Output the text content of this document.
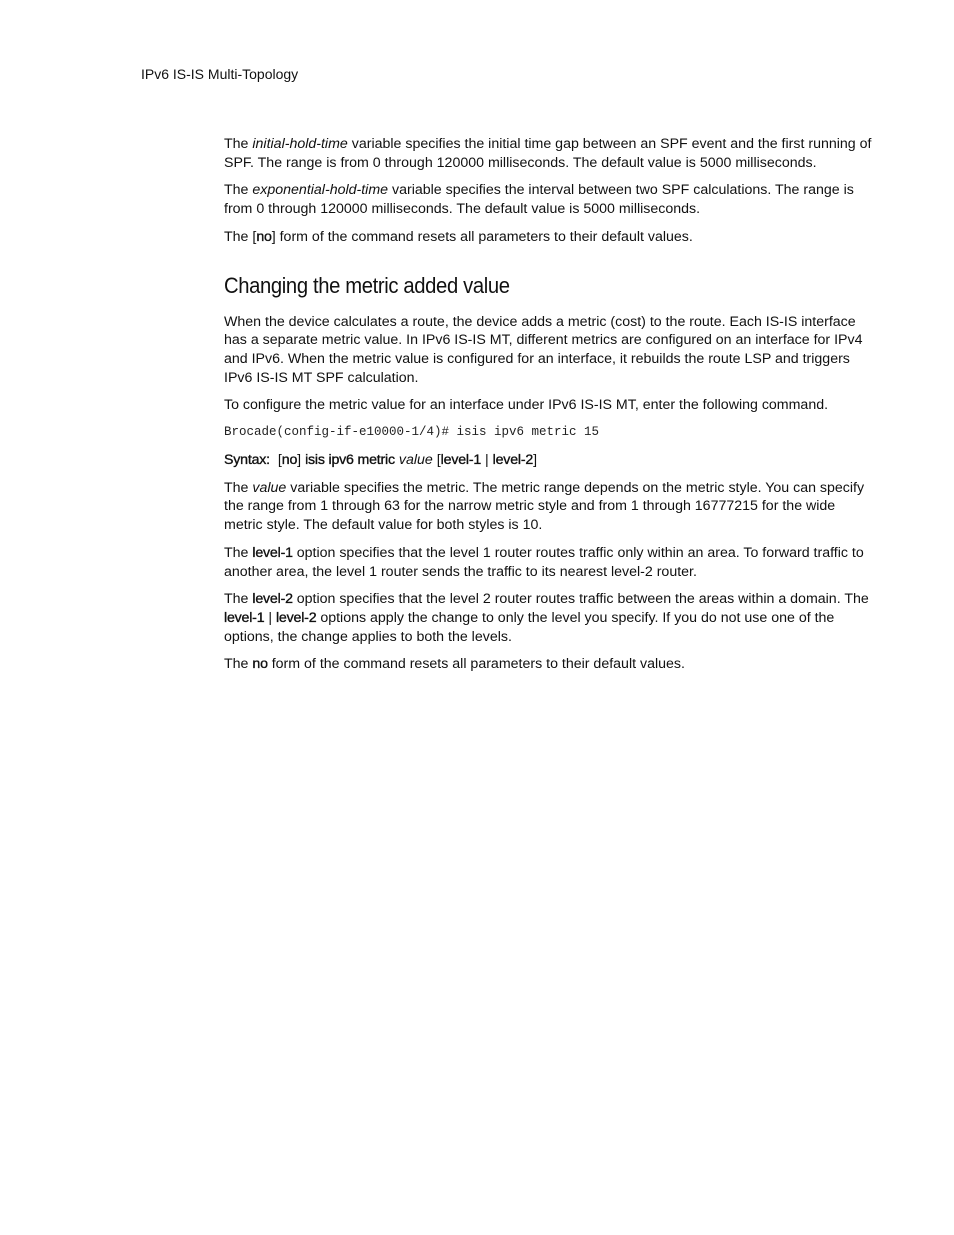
IPv6 IS-IS Multi-Topology

The initial-hold-time variable specifies the initial time gap between an SPF event and the first running of SPF. The range is from 0 through 120000 milliseconds. The default value is 5000 milliseconds.

The exponential-hold-time variable specifies the interval between two SPF calculations. The range is from 0 through 120000 milliseconds. The default value is 5000 milliseconds.

The [no] form of the command resets all parameters to their default values.

Changing the metric added value

When the device calculates a route, the device adds a metric (cost) to the route. Each IS-IS interface has a separate metric value. In IPv6 IS-IS MT, different metrics are configured on an interface for IPv4 and IPv6. When the metric value is configured for an interface, it rebuilds the route LSP and triggers IPv6 IS-IS MT SPF calculation.

To configure the metric value for an interface under IPv6 IS-IS MT, enter the following command.

Brocade(config-if-e10000-1/4)# isis ipv6 metric 15

Syntax: [no] isis ipv6 metric value [level-1 | level-2]

The value variable specifies the metric. The metric range depends on the metric style. You can specify the range from 1 through 63 for the narrow metric style and from 1 through 16777215 for the wide metric style. The default value for both styles is 10.

The level-1 option specifies that the level 1 router routes traffic only within an area. To forward traffic to another area, the level 1 router sends the traffic to its nearest level-2 router.

The level-2 option specifies that the level 2 router routes traffic between the areas within a domain. The level-1 | level-2 options apply the change to only the level you specify. If you do not use one of the options, the change applies to both the levels.

The no form of the command resets all parameters to their default values.
